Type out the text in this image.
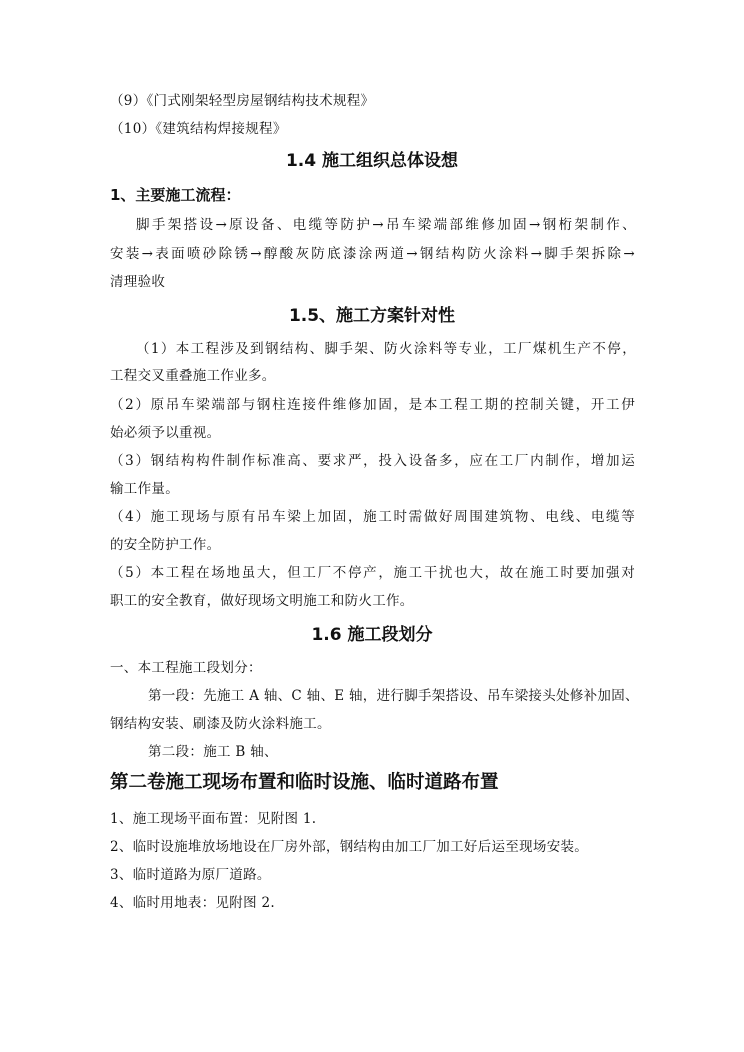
（9）《门式刚架轻型房屋钢结构技术规程》
（10）《建筑结构焊接规程》
1.4 施工组织总体设想
1、主要施工流程：
脚手架搭设→原设备、电缆等防护→吊车梁端部维修加固→钢桁架制作、
安装→表面喷砂除锈→醇酸灰防底漆涂两道→钢结构防火涂料→脚手架拆除→
清理验收
1.5、施工方案针对性
（1）本工程涉及到钢结构、脚手架、防火涂料等专业，工厂煤机生产不停，
工程交叉重叠施工作业多。
（2）原吊车梁端部与钢柱连接件维修加固，是本工程工期的控制关键，开工伊
始必须予以重视。
（3）钢结构构件制作标准高、要求严，投入设备多，应在工厂内制作，增加运
输工作量。
（4）施工现场与原有吊车梁上加固，施工时需做好周围建筑物、电线、电缆等
的安全防护工作。
（5）本工程在场地虽大，但工厂不停产，施工干扰也大，故在施工时要加强对
职工的安全教育，做好现场文明施工和防火工作。
1.6 施工段划分
一、本工程施工段划分：
第一段：先施工 A 轴、C 轴、E 轴，进行脚手架搭设、吊车梁接头处修补加固、
钢结构安装、刷漆及防火涂料施工。
第二段：施工 B 轴、
第二卷施工现场布置和临时设施、临时道路布置
1、施工现场平面布置：见附图 1.
2、临时设施堆放场地设在厂房外部，钢结构由加工厂加工好后运至现场安装。
3、临时道路为原厂道路。
4、临时用地表：见附图 2.
